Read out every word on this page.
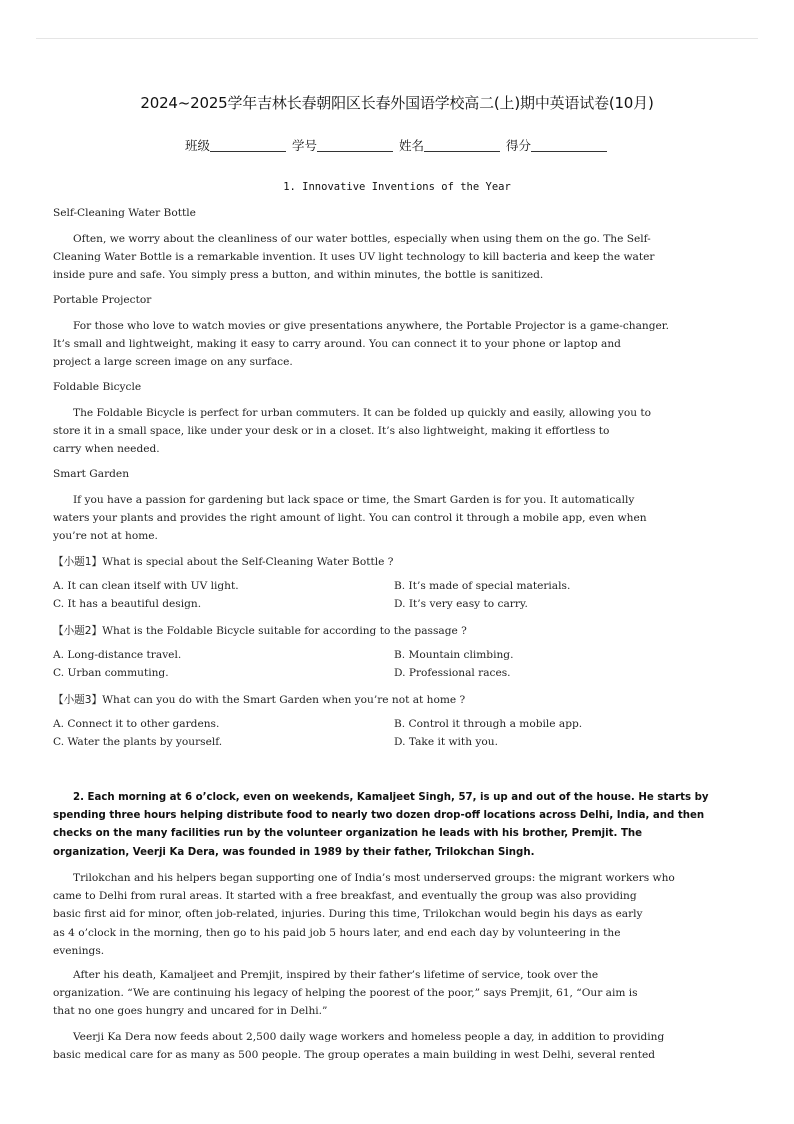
2024~2025学年吉林长春朝阳区长春外国语学校高二(上)期中英语试卷(10月)
班级	学号	姓名	得分
1. Innovative Inventions of the Year
Self-Cleaning Water Bottle
Often, we worry about the cleanliness of our water bottles, especially when using them on the go. The Self-
Cleaning Water Bottle is a remarkable invention. It uses UV light technology to kill bacteria and keep the water
inside pure and safe. You simply press a button, and within minutes, the bottle is sanitized.
Portable Projector
For those who love to watch movies or give presentations anywhere, the Portable Projector is a game-changer.
It’s small and lightweight, making it easy to carry around. You can connect it to your phone or laptop and
project a large screen image on any surface.
Foldable Bicycle
The Foldable Bicycle is perfect for urban commuters. It can be folded up quickly and easily, allowing you to
store it in a small space, like under your desk or in a closet. It’s also lightweight, making it effortless to
carry when needed.
Smart Garden
If you have a passion for gardening but lack space or time, the Smart Garden is for you. It automatically
waters your plants and provides the right amount of light. You can control it through a mobile app, even when
you’re not at home.
【小题1】What is special about the Self-Cleaning Water Bottle ?
A. It can clean itself with UV light.	B. It’s made of special materials.
C. It has a beautiful design.	D. It’s very easy to carry.
【小题2】What is the Foldable Bicycle suitable for according to the passage ?
A. Long-distance travel.	B. Mountain climbing.
C. Urban commuting.	D. Professional races.
【小题3】What can you do with the Smart Garden when you’re not at home ?
A. Connect it to other gardens.	B. Control it through a mobile app.
C. Water the plants by yourself.	D. Take it with you.
2. Each morning at 6 o’clock, even on weekends, Kamaljeet Singh, 57, is up and out of the house. He starts by
spending three hours helping distribute food to nearly two dozen drop-off locations across Delhi, India, and then
checks on the many facilities run by the volunteer organization he leads with his brother, Premjit. The
organization, Veerji Ka Dera, was founded in 1989 by their father, Trilokchan Singh.
Trilokchan and his helpers began supporting one of India’s most underserved groups: the migrant workers who
came to Delhi from rural areas. It started with a free breakfast, and eventually the group was also providing
basic first aid for minor, often job-related, injuries. During this time, Trilokchan would begin his days as early
as 4 o’clock in the morning, then go to his paid job 5 hours later, and end each day by volunteering in the
evenings.
After his death, Kamaljeet and Premjit, inspired by their father’s lifetime of service, took over the
organization. “We are continuing his legacy of helping the poorest of the poor,” says Premjit, 61, “Our aim is
that no one goes hungry and uncared for in Delhi.”
Veerji Ka Dera now feeds about 2,500 daily wage workers and homeless people a day, in addition to providing
basic medical care for as many as 500 people. The group operates a main building in west Delhi, several rented
